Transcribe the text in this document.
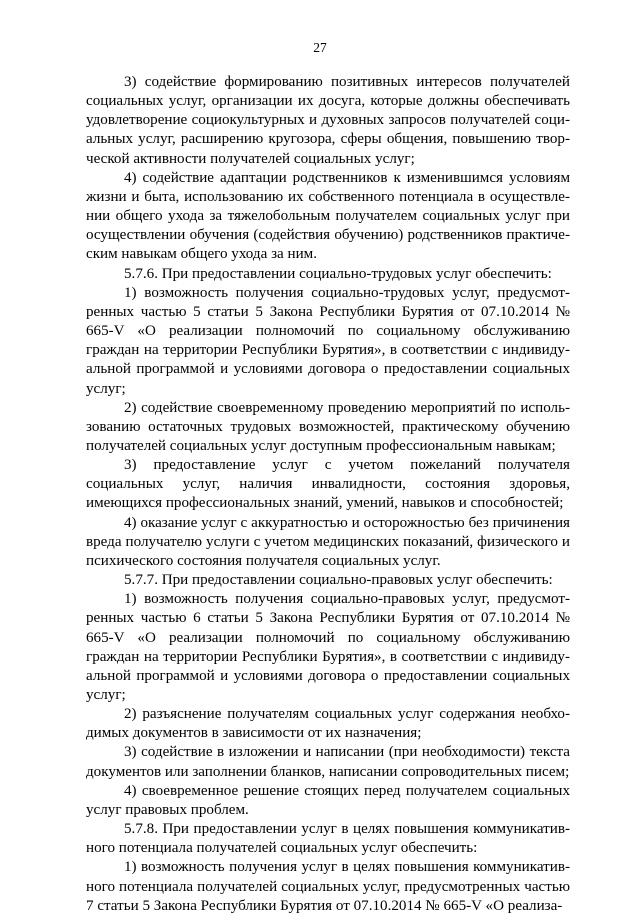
27

3) содействие формированию позитивных интересов получателей социальных услуг, организации их досуга, которые должны обеспечивать удовлетворение социокультурных и духовных запросов получателей социальных услуг, расширению кругозора, сферы общения, повышению творческой активности получателей социальных услуг;

4) содействие адаптации родственников к изменившимся условиям жизни и быта, использованию их собственного потенциала в осуществлении общего ухода за тяжелобольным получателем социальных услуг при осуществлении обучения (содействия обучению) родственников практическим навыкам общего ухода за ним.

5.7.6. При предоставлении социально-трудовых услуг обеспечить:

1) возможность получения социально-трудовых услуг, предусмотренных частью 5 статьи 5 Закона Республики Бурятия от 07.10.2014 № 665-V «О реализации полномочий по социальному обслуживанию граждан на территории Республики Бурятия», в соответствии с индивидуальной программой и условиями договора о предоставлении социальных услуг;

2) содействие своевременному проведению мероприятий по использованию остаточных трудовых возможностей, практическому обучению получателей социальных услуг доступным профессиональным навыкам;

3) предоставление услуг с учетом пожеланий получателя социальных услуг, наличия инвалидности, состояния здоровья, имеющихся профессиональных знаний, умений, навыков и способностей;

4) оказание услуг с аккуратностью и осторожностью без причинения вреда получателю услуги с учетом медицинских показаний, физического и психического состояния получателя социальных услуг.

5.7.7. При предоставлении социально-правовых услуг обеспечить:

1) возможность получения социально-правовых услуг, предусмотренных частью 6 статьи 5 Закона Республики Бурятия от 07.10.2014 № 665-V «О реализации полномочий по социальному обслуживанию граждан на территории Республики Бурятия», в соответствии с индивидуальной программой и условиями договора о предоставлении социальных услуг;

2) разъяснение получателям социальных услуг содержания необходимых документов в зависимости от их назначения;

3) содействие в изложении и написании (при необходимости) текста документов или заполнении бланков, написании сопроводительных писем;

4) своевременное решение стоящих перед получателем социальных услуг правовых проблем.

5.7.8. При предоставлении услуг в целях повышения коммуникативного потенциала получателей социальных услуг обеспечить:

1) возможность получения услуг в целях повышения коммуникативного потенциала получателей социальных услуг, предусмотренных частью 7 статьи 5 Закона Республики Бурятия от 07.10.2014 № 665-V «О реализа-
